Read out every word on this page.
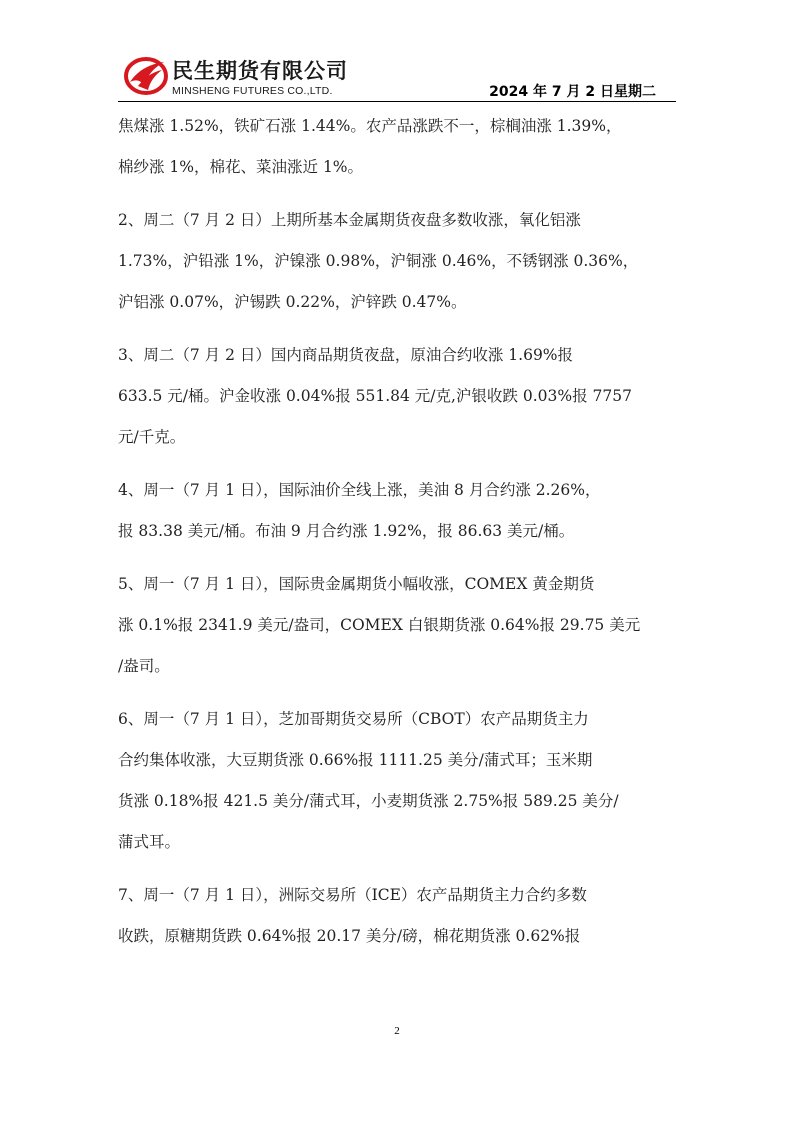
民生期货有限公司
MINSHENG FUTURES CO.,LTD.	2024 年 7 月 2 日星期二

焦煤涨 1.52%，铁矿石涨 1.44%。农产品涨跌不一，棕榈油涨 1.39%，
棉纱涨 1%，棉花、菜油涨近 1%。

2、周二（7 月 2 日）上期所基本金属期货夜盘多数收涨，氧化铝涨
1.73%，沪铅涨 1%，沪镍涨 0.98%，沪铜涨 0.46%，不锈钢涨 0.36%，
沪铝涨 0.07%，沪锡跌 0.22%，沪锌跌 0.47%。

3、周二（7 月 2 日）国内商品期货夜盘，原油合约收涨 1.69%报
633.5 元/桶。沪金收涨 0.04%报 551.84 元/克,沪银收跌 0.03%报 7757
元/千克。

4、周一（7 月 1 日），国际油价全线上涨，美油 8 月合约涨 2.26%，
报 83.38 美元/桶。布油 9 月合约涨 1.92%，报 86.63 美元/桶。

5、周一（7 月 1 日），国际贵金属期货小幅收涨，COMEX 黄金期货
涨 0.1%报 2341.9 美元/盎司，COMEX 白银期货涨 0.64%报 29.75 美元
/盎司。

6、周一（7 月 1 日），芝加哥期货交易所（CBOT）农产品期货主力
合约集体收涨，大豆期货涨 0.66%报 1111.25 美分/蒲式耳；玉米期
货涨 0.18%报 421.5 美分/蒲式耳，小麦期货涨 2.75%报 589.25 美分/
蒲式耳。

7、周一（7 月 1 日），洲际交易所（ICE）农产品期货主力合约多数
收跌，原糖期货跌 0.64%报 20.17 美分/磅，棉花期货涨 0.62%报

2
